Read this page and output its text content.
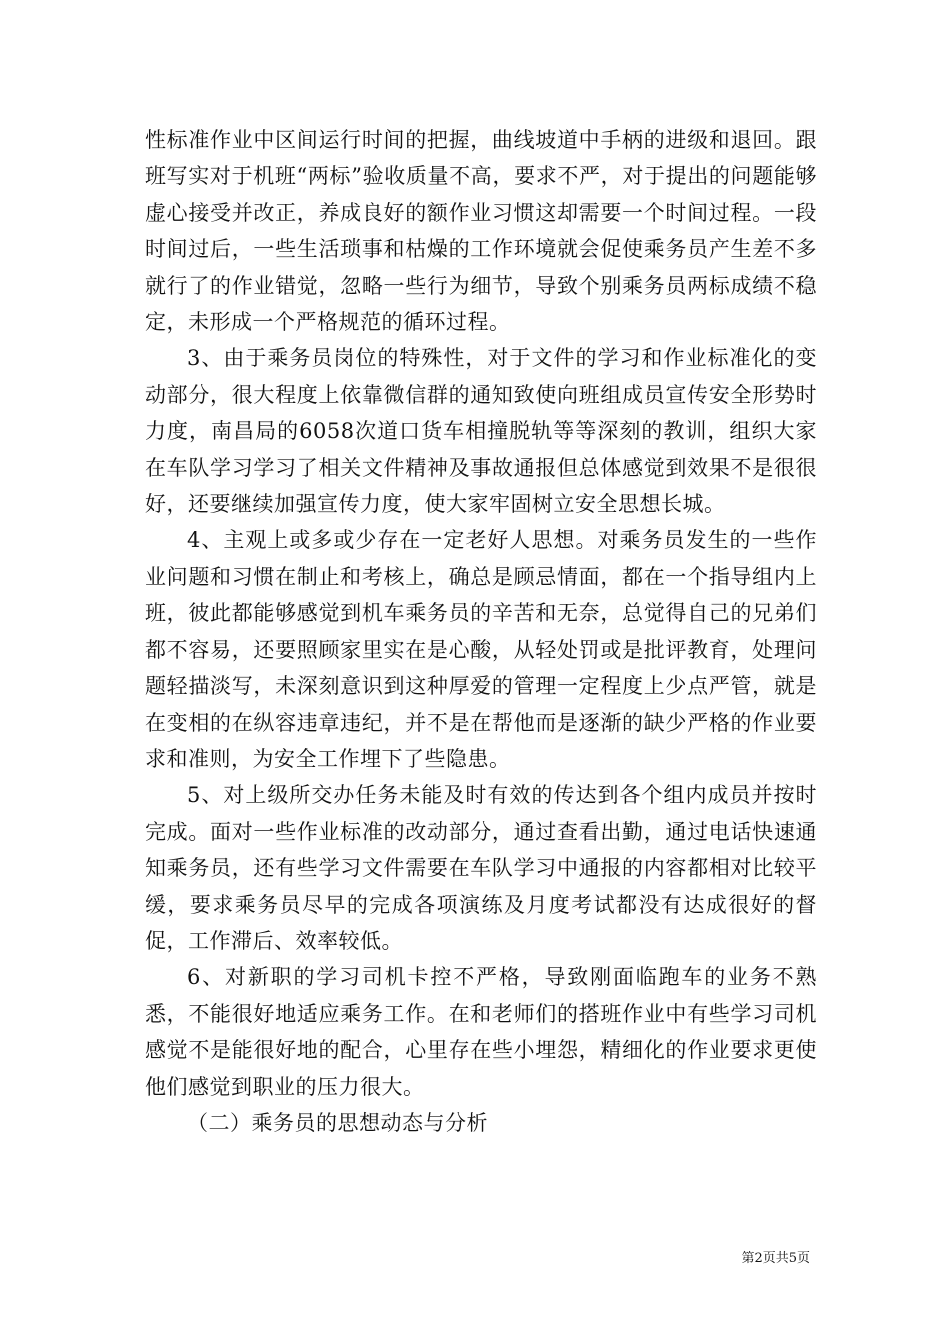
性标准作业中区间运行时间的把握，曲线坡道中手柄的进级和退回。跟班写实对于机班“两标”验收质量不高，要求不严，对于提出的问题能够虚心接受并改正，养成良好的额作业习惯这却需要一个时间过程。一段时间过后，一些生活琐事和枯燥的工作环境就会促使乘务员产生差不多就行了的作业错觉，忽略一些行为细节，导致个别乘务员两标成绩不稳定，未形成一个严格规范的循环过程。

3、由于乘务员岗位的特殊性，对于文件的学习和作业标准化的变动部分，很大程度上依靠微信群的通知致使向班组成员宣传安全形势时力度，南昌局的6058次道口货车相撞脱轨等等深刻的教训，组织大家在车队学习学习了相关文件精神及事故通报但总体感觉到效果不是很很好，还要继续加强宣传力度，使大家牢固树立安全思想长城。

4、主观上或多或少存在一定老好人思想。对乘务员发生的一些作业问题和习惯在制止和考核上，确总是顾忌情面，都在一个指导组内上班，彼此都能够感觉到机车乘务员的辛苦和无奈，总觉得自己的兄弟们都不容易，还要照顾家里实在是心酸，从轻处罚或是批评教育，处理问题轻描淡写，未深刻意识到这种厚爱的管理一定程度上少点严管，就是在变相的在纵容违章违纪，并不是在帮他而是逐渐的缺少严格的作业要求和准则，为安全工作埋下了些隐患。

5、对上级所交办任务未能及时有效的传达到各个组内成员并按时完成。面对一些作业标准的改动部分，通过查看出勤，通过电话快速通知乘务员，还有些学习文件需要在车队学习中通报的内容都相对比较平缓，要求乘务员尽早的完成各项演练及月度考试都没有达成很好的督促，工作滞后、效率较低。

6、对新职的学习司机卡控不严格，导致刚面临跑车的业务不熟悉，不能很好地适应乘务工作。在和老师们的搭班作业中有些学习司机感觉不是能很好地的配合，心里存在些小埋怨，精细化的作业要求更使他们感觉到职业的压力很大。

（二）乘务员的思想动态与分析

第2页共5页
